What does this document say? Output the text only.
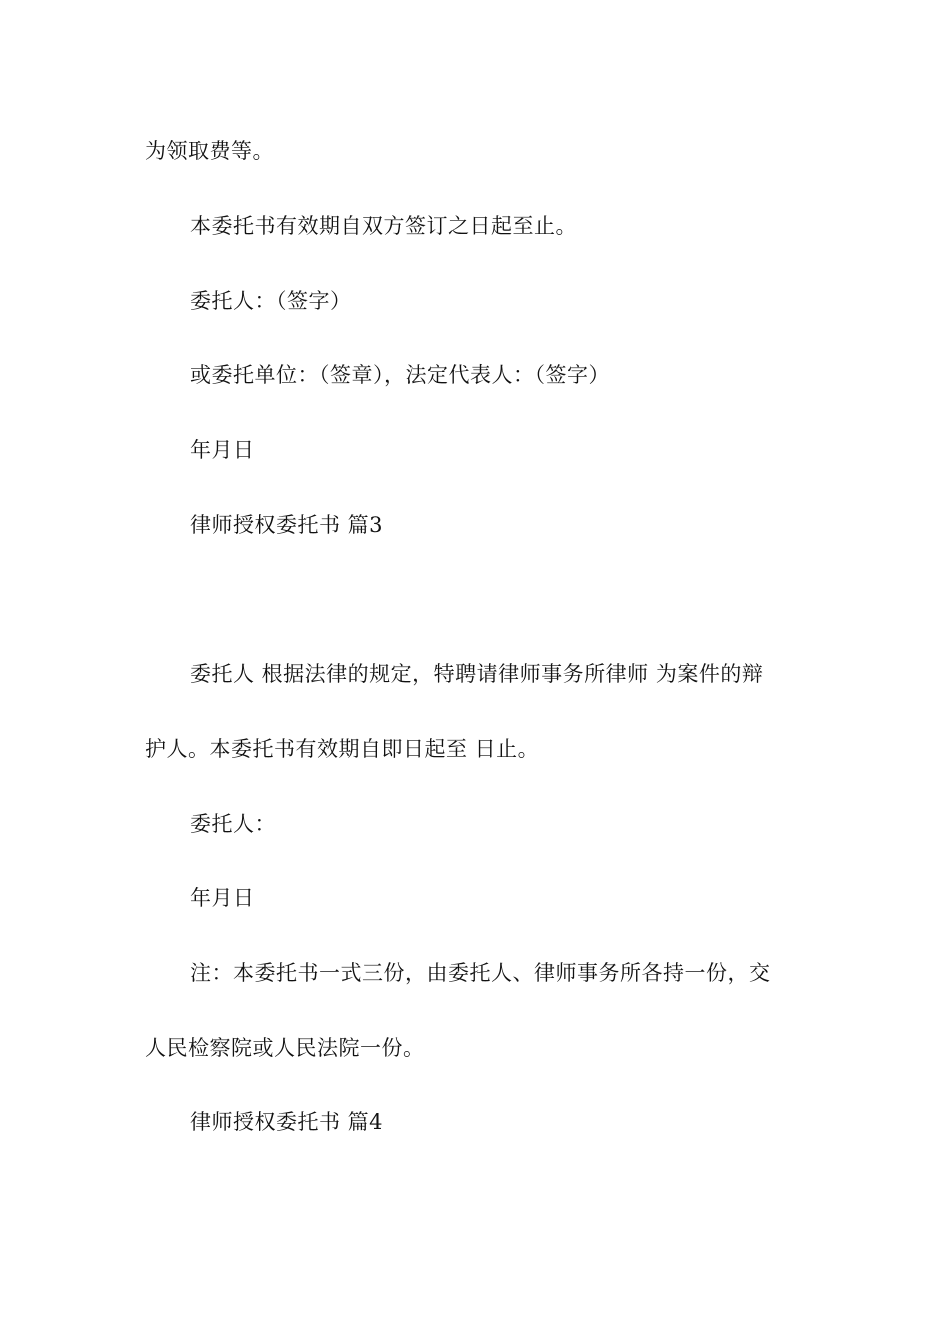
为领取费等。
本委托书有效期自双方签订之日起至止。
委托人：（签字）
或委托单位：（签章），法定代表人：（签字）
年月日
律师授权委托书 篇3
委托人 根据法律的规定，特聘请律师事务所律师 为案件的辩
护人。本委托书有效期自即日起至 日止。
委托人：
年月日
注：本委托书一式三份，由委托人、律师事务所各持一份，交
人民检察院或人民法院一份。
律师授权委托书 篇4
